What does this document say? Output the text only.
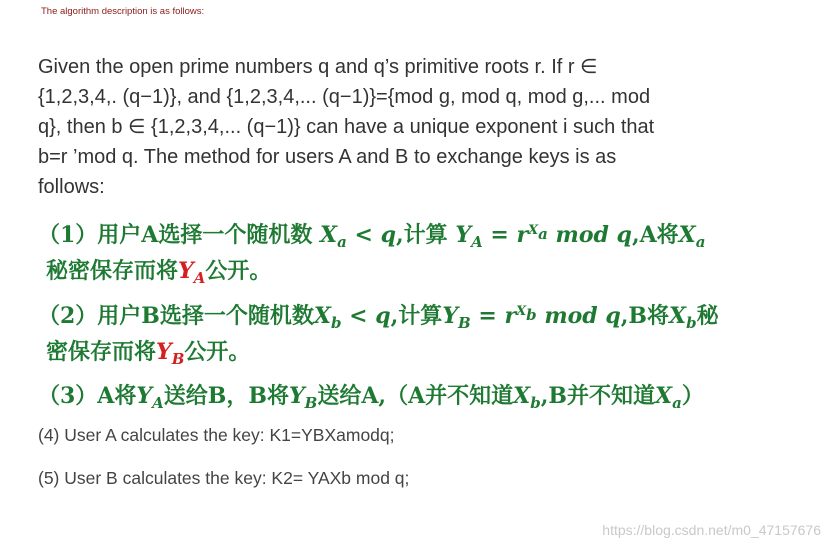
The algorithm description is as follows:
Given the open prime numbers q and q’s primitive roots r. If r ∈
{1,2,3,4,. (q−1)}, and {1,2,3,4,... (q−1)}={mod g, mod q, mod g,... mod
q}, then b ∈ {1,2,3,4,... (q−1)} can have a unique exponent i such that
b=r ’mod q. The method for users A and B to exchange keys is as
follows:
（1）用户A选择一个随机数 $X_a < q$,计算 $Y_A = r^{X_a}$ mod q,A将$X_a$
秘密保存而将$Y_A$公开。
（2）用户B选择一个随机数$X_b < q$,计算$Y_B = r^{X_b}$ mod q,B将$X_b$秘
密保存而将$Y_B$公开。
（3）A将$Y_A$送给B，B将$Y_B$送给A,（A并不知道$X_b,B$并不知道$X_a$）
(4) User A calculates the key: K1=YBXamodq;
(5) User B calculates the key: K2= YAXb mod q;
https://blog.csdn.net/m0_47157676
